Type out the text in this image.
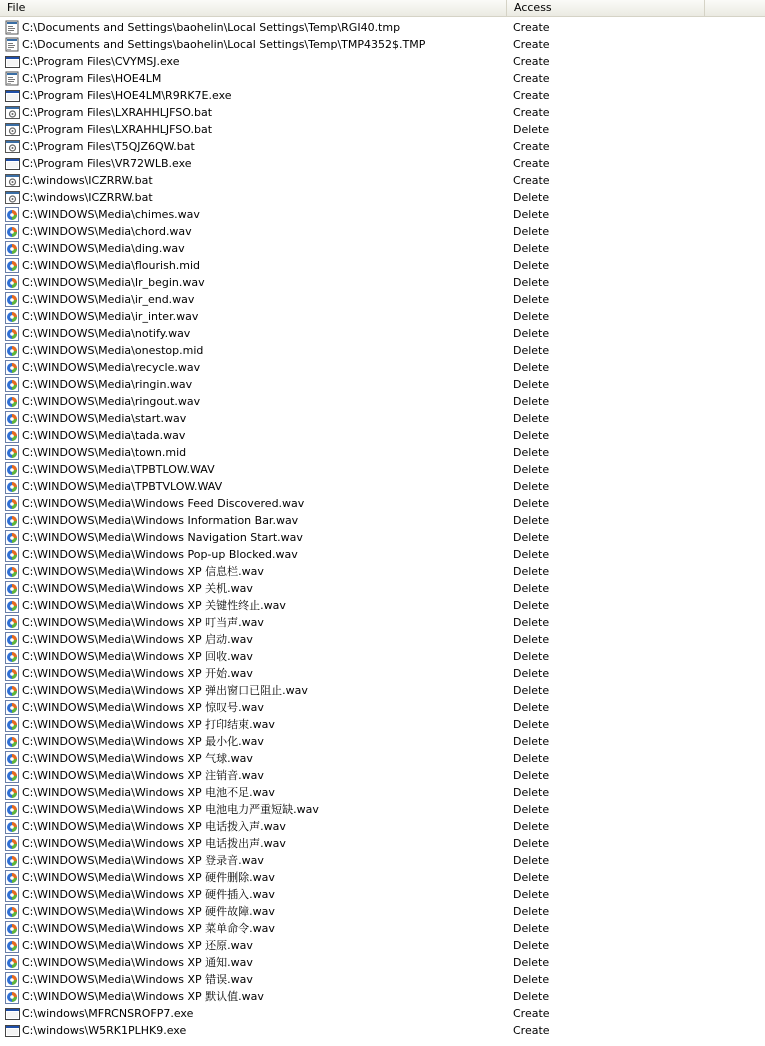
File	Access
C:\Documents and Settings\baohelin\Local Settings\Temp\RGI40.tmp	Create
C:\Documents and Settings\baohelin\Local Settings\Temp\TMP4352$.TMP	Create
C:\Program Files\CVYMSJ.exe	Create
C:\Program Files\HOE4LM	Create
C:\Program Files\HOE4LM\R9RK7E.exe	Create
C:\Program Files\LXRAHHLJFSO.bat	Create
C:\Program Files\LXRAHHLJFSO.bat	Delete
C:\Program Files\T5QJZ6QW.bat	Create
C:\Program Files\VR72WLB.exe	Create
C:\windows\ICZRRW.bat	Create
C:\windows\ICZRRW.bat	Delete
C:\WINDOWS\Media\chimes.wav	Delete
C:\WINDOWS\Media\chord.wav	Delete
C:\WINDOWS\Media\ding.wav	Delete
C:\WINDOWS\Media\flourish.mid	Delete
C:\WINDOWS\Media\Ir_begin.wav	Delete
C:\WINDOWS\Media\ir_end.wav	Delete
C:\WINDOWS\Media\ir_inter.wav	Delete
C:\WINDOWS\Media\notify.wav	Delete
C:\WINDOWS\Media\onestop.mid	Delete
C:\WINDOWS\Media\recycle.wav	Delete
C:\WINDOWS\Media\ringin.wav	Delete
C:\WINDOWS\Media\ringout.wav	Delete
C:\WINDOWS\Media\start.wav	Delete
C:\WINDOWS\Media\tada.wav	Delete
C:\WINDOWS\Media\town.mid	Delete
C:\WINDOWS\Media\TPBTLOW.WAV	Delete
C:\WINDOWS\Media\TPBTVLOW.WAV	Delete
C:\WINDOWS\Media\Windows Feed Discovered.wav	Delete
C:\WINDOWS\Media\Windows Information Bar.wav	Delete
C:\WINDOWS\Media\Windows Navigation Start.wav	Delete
C:\WINDOWS\Media\Windows Pop-up Blocked.wav	Delete
C:\WINDOWS\Media\Windows XP 信息栏.wav	Delete
C:\WINDOWS\Media\Windows XP 关机.wav	Delete
C:\WINDOWS\Media\Windows XP 关键性终止.wav	Delete
C:\WINDOWS\Media\Windows XP 叮当声.wav	Delete
C:\WINDOWS\Media\Windows XP 启动.wav	Delete
C:\WINDOWS\Media\Windows XP 回收.wav	Delete
C:\WINDOWS\Media\Windows XP 开始.wav	Delete
C:\WINDOWS\Media\Windows XP 弹出窗口已阻止.wav	Delete
C:\WINDOWS\Media\Windows XP 惊叹号.wav	Delete
C:\WINDOWS\Media\Windows XP 打印结束.wav	Delete
C:\WINDOWS\Media\Windows XP 最小化.wav	Delete
C:\WINDOWS\Media\Windows XP 气球.wav	Delete
C:\WINDOWS\Media\Windows XP 注销音.wav	Delete
C:\WINDOWS\Media\Windows XP 电池不足.wav	Delete
C:\WINDOWS\Media\Windows XP 电池电力严重短缺.wav	Delete
C:\WINDOWS\Media\Windows XP 电话拨入声.wav	Delete
C:\WINDOWS\Media\Windows XP 电话拨出声.wav	Delete
C:\WINDOWS\Media\Windows XP 登录音.wav	Delete
C:\WINDOWS\Media\Windows XP 硬件删除.wav	Delete
C:\WINDOWS\Media\Windows XP 硬件插入.wav	Delete
C:\WINDOWS\Media\Windows XP 硬件故障.wav	Delete
C:\WINDOWS\Media\Windows XP 菜单命令.wav	Delete
C:\WINDOWS\Media\Windows XP 还原.wav	Delete
C:\WINDOWS\Media\Windows XP 通知.wav	Delete
C:\WINDOWS\Media\Windows XP 错误.wav	Delete
C:\WINDOWS\Media\Windows XP 默认值.wav	Delete
C:\windows\MFRCNSROFP7.exe	Create
C:\windows\W5RK1PLHK9.exe	Create
